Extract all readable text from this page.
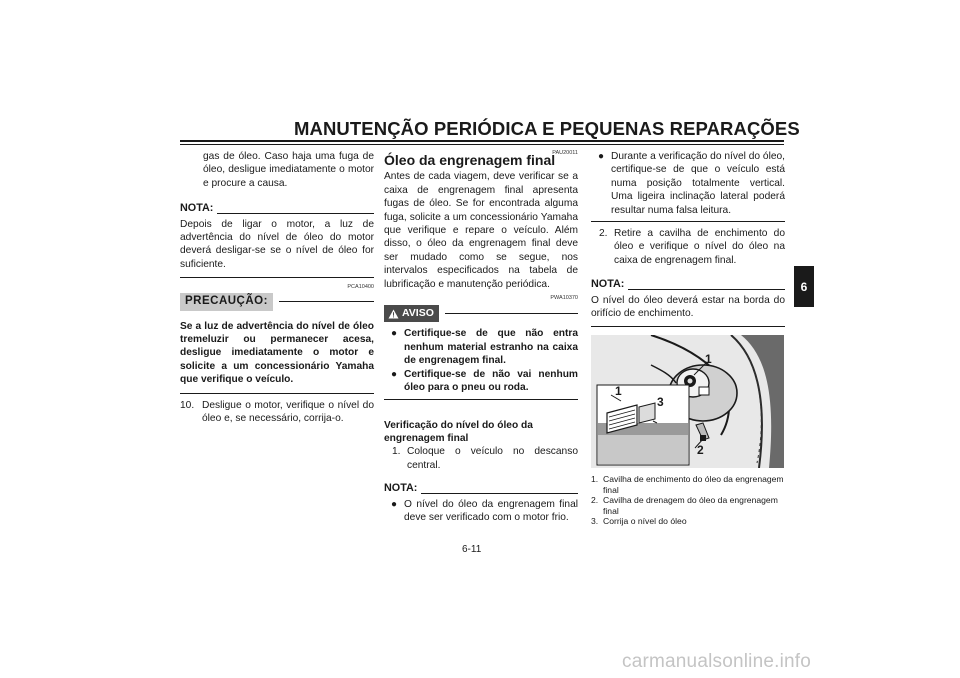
MANUTENÇÃO PERIÓDICA E PEQUENAS REPARAÇÕES

gas de óleo. Caso haja uma fuga de óleo, desligue imediatamente o motor e procure a causa.

NOTA:

Depois de ligar o motor, a luz de advertência do nível de óleo do motor deverá desligar-se se o nível de óleo for suficiente.

PCA10400
PRECAUÇÃO:

Se a luz de advertência do nível de óleo tremeluzir ou permanecer acesa, desligue imediatamente o motor e solicite a um concessionário Yamaha que verifique o veículo.

10. Desligue o motor, verifique o nível do óleo e, se necessário, corrija-o.
PAU20011
Óleo da engrenagem final

Antes de cada viagem, deve verificar se a caixa de engrenagem final apresenta fugas de óleo. Se for encontrada alguma fuga, solicite a um concessionário Yamaha que verifique e repare o veículo. Além disso, o óleo da engrenagem final deve ser mudado como se segue, nos intervalos especificados na tabela de lubrificação e manutenção periódica.

PWA10370
AVISO
● Certifique-se de que não entra nenhum material estranho na caixa de engrenagem final.
● Certifique-se de não vai nenhum óleo para o pneu ou roda.

Verificação do nível do óleo da engrenagem final

1. Coloque o veículo no descanso central.
NOTA:
● O nível do óleo da engrenagem final deve ser verificado com o motor frio.
● Durante a verificação do nível do óleo, certifique-se de que o veículo está numa posição totalmente vertical. Uma ligeira inclinação lateral poderá resultar numa falsa leitura.
2. Retire a cavilha de enchimento do óleo e verifique o nível do óleo na caixa de engrenagem final.
NOTA:

O nível do óleo deverá estar na borda do orifício de enchimento.

1
1
3
2
1. Cavilha de enchimento do óleo da engrenagem final
2. Cavilha de drenagem do óleo da engrenagem final
3. Corrija o nível do óleo
6-11
6
carmanualsonline.info
